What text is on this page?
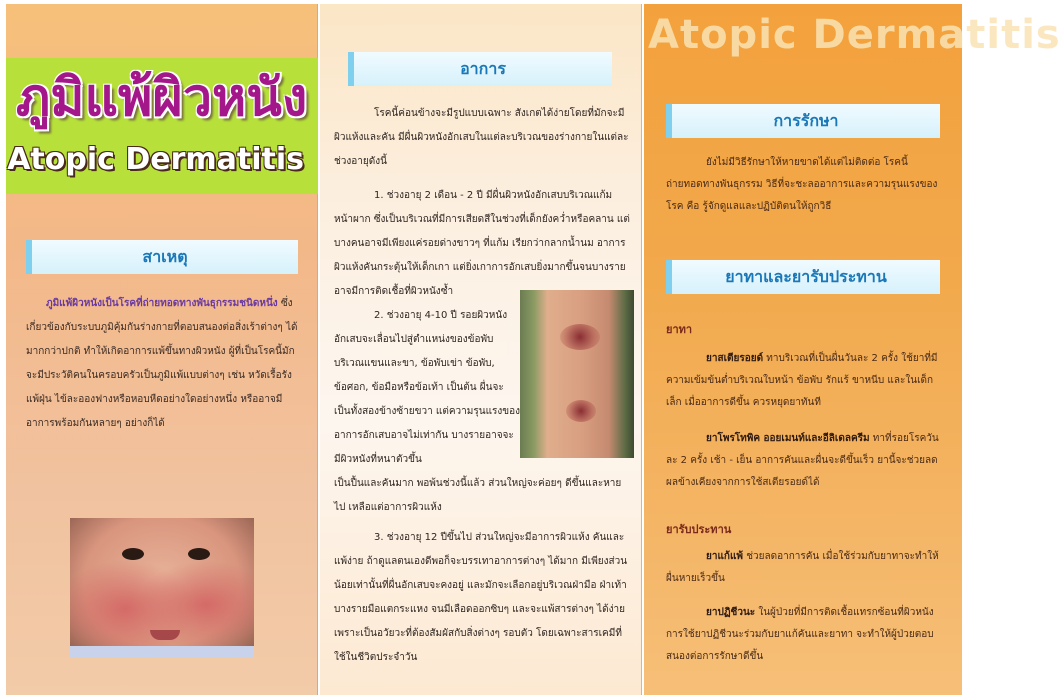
ภูมิแพ้ผิวหนัง
Atopic Dermatitis
สาเหตุ
ภูมิแพ้ผิวหนังเป็นโรคที่ถ่ายทอดทางพันธุกรรมชนิดหนึ่ง ซึ่งเกี่ยวข้องกับระบบภูมิคุ้มกันร่างกายที่ตอบสนองต่อสิ่งเร้าต่างๆ ได้มากกว่าปกติ ทำให้เกิดอาการแพ้ขึ้นทางผิวหนัง ผู้ที่เป็นโรคนี้มักจะมีประวัติคนในครอบครัวเป็นภูมิแพ้แบบต่างๆ เช่น หวัดเรื้อรัง แพ้ฝุ่น ไข้ละอองฟางหรือหอบหืดอย่างใดอย่างหนึ่ง หรืออาจมีอาการพร้อมกันหลายๆ อย่างก็ได้
อาการ
โรคนี้ค่อนข้างจะมีรูปแบบเฉพาะ สังเกตได้ง่ายโดยที่มักจะมีผิวแห้งและคัน มีผื่นผิวหนังอักเสบในแต่ละบริเวณของร่างกายในแต่ละช่วงอายุดังนี้
1. ช่วงอายุ 2 เดือน - 2 ปี มีผื่นผิวหนังอักเสบบริเวณแก้ม หน้าผาก ซึ่งเป็นบริเวณที่มีการเสียดสีในช่วงที่เด็กยังคว่ำหรือคลาน แต่บางคนอาจมีเพียงแค่รอยด่างขาวๆ ที่แก้ม เรียกว่ากลากน้ำนม อาการผิวแห้งคันกระตุ้นให้เด็กเกา แต่ยิ่งเกาการอักเสบยิ่งมากขึ้นจนบางรายอาจมีการติดเชื้อที่ผิวหนังซ้ำ
2. ช่วงอายุ 4-10 ปี รอยผิวหนังอักเสบจะเลื่อนไปสู่ตำแหน่งของข้อพับ บริเวณแขนและขา, ข้อพับเข่า ข้อพับ, ข้อศอก, ข้อมือหรือข้อเท้า เป็นต้น ผื่นจะเป็นทั้งสองข้างซ้ายขวา แต่ความรุนแรงของอาการอักเสบอาจไม่เท่ากัน บางรายอาจจะมีผิวหนังที่หนาตัวขึ้น
เป็นปื้นและคันมาก พอพ้นช่วงนี้แล้ว ส่วนใหญ่จะค่อยๆ ดีขึ้นและหายไป เหลือแต่อาการผิวแห้ง
3. ช่วงอายุ 12 ปีขึ้นไป ส่วนใหญ่จะมีอาการผิวแห้ง คันและแพ้ง่าย ถ้าดูแลตนเองดีพอก็จะบรรเทาอาการต่างๆ ได้มาก มีเพียงส่วนน้อยเท่านั้นที่ผื่นอักเสบจะคงอยู่ และมักจะเลือกอยู่บริเวณฝ่ามือ ฝ่าเท้า บางรายมือแตกระแหง จนมีเลือดออกซิบๆ และจะแพ้สารต่างๆ ได้ง่าย เพราะเป็นอวัยวะที่ต้องสัมผัสกับสิ่งต่างๆ รอบตัว โดยเฉพาะสารเคมีที่ใช้ในชีวิตประจำวัน
Atopic Dermatitis
การรักษา
ยังไม่มีวิธีรักษาให้หายขาดได้แต่ไม่ติดต่อ โรคนี้ถ่ายทอดทางพันธุกรรม วิธีที่จะชะลออาการและความรุนแรงของโรค คือ รู้จักดูแลและปฏิบัติตนให้ถูกวิธี
ยาทาและยารับประทาน
ยาทา
ยาสเตียรอยด์ ทาบริเวณที่เป็นผื่นวันละ 2 ครั้ง ใช้ยาที่มีความเข้มข้นต่ำบริเวณใบหน้า ข้อพับ รักแร้ ขาหนีบ และในเด็กเล็ก เมื่ออาการดีขึ้น ควรหยุดยาทันที
ยาโพรโทพิค ออยเมนท์และอีลิเดลครีม ทาที่รอยโรควันละ 2 ครั้ง เช้า - เย็น อาการคันและผื่นจะดีขึ้นเร็ว ยานี้จะช่วยลดผลข้างเคียงจากการใช้สเตียรอยด์ได้
ยารับประทาน
ยาแก้แพ้ ช่วยลดอาการคัน เมื่อใช้ร่วมกับยาทาจะทำให้ผื่นหายเร็วขึ้น
ยาปฏิชีวนะ ในผู้ป่วยที่มีการติดเชื้อแทรกซ้อนที่ผิวหนัง การใช้ยาปฏิชีวนะร่วมกับยาแก้คันและยาทา จะทำให้ผู้ป่วยตอบสนองต่อการรักษาดีขึ้น
